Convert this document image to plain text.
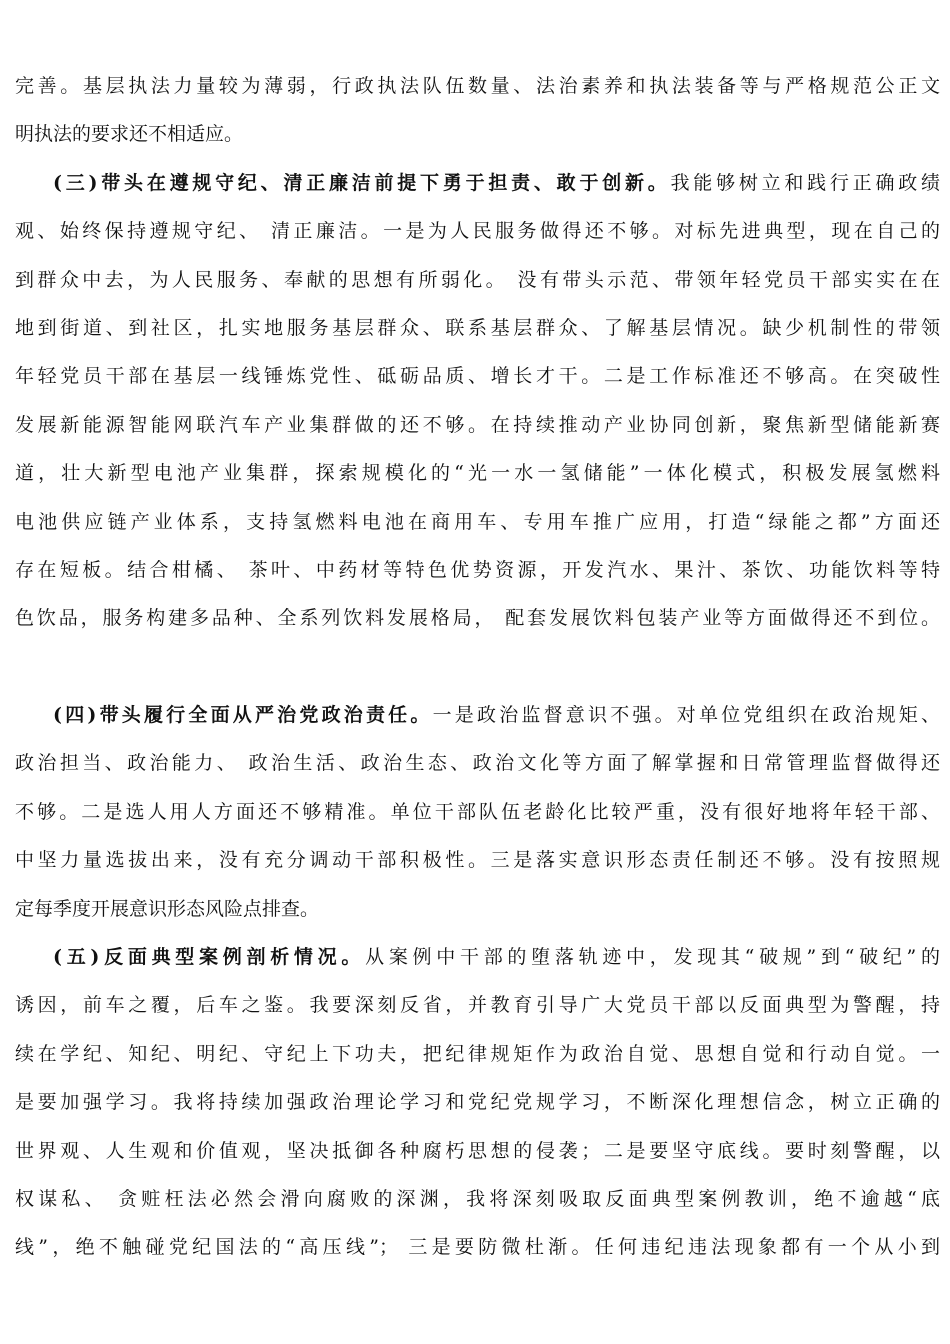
完善。基层执法力量较为薄弱，行政执法队伍数量、法治素养和执法装备等与严格规范公正文
明执法的要求还不相适应。
(三)带头在遵规守纪、清正廉洁前提下勇于担责、敢于创新。我能够树立和践行正确政绩
观、始终保持遵规守纪、 清正廉洁。一是为人民服务做得还不够。对标先进典型，现在自己的
到群众中去，为人民服务、奉献的思想有所弱化。 没有带头示范、带领年轻党员干部实实在在
地到街道、到社区，扎实地服务基层群众、联系基层群众、了解基层情况。缺少机制性的带领
年轻党员干部在基层一线锤炼党性、砥砺品质、增长才干。二是工作标准还不够高。在突破性
发展新能源智能网联汽车产业集群做的还不够。在持续推动产业协同创新，聚焦新型储能新赛
道，壮大新型电池产业集群，探索规模化的“光一水一氢储能”一体化模式，积极发展氢燃料
电池供应链产业体系，支持氢燃料电池在商用车、专用车推广应用，打造“绿能之都”方面还
存在短板。结合柑橘、 茶叶、中药材等特色优势资源，开发汽水、果汁、茶饮、功能饮料等特
色饮品，服务构建多品种、全系列饮料发展格局， 配套发展饮料包装产业等方面做得还不到位。
(四)带头履行全面从严治党政治责任。一是政治监督意识不强。对单位党组织在政治规矩、
政治担当、政治能力、 政治生活、政治生态、政治文化等方面了解掌握和日常管理监督做得还
不够。二是选人用人方面还不够精准。单位干部队伍老龄化比较严重，没有很好地将年轻干部、
中坚力量选拔出来，没有充分调动干部积极性。三是落实意识形态责任制还不够。没有按照规
定每季度开展意识形态风险点排查。
(五)反面典型案例剖析情况。从案例中干部的堕落轨迹中，发现其“破规”到“破纪”的
诱因，前车之覆，后车之鉴。我要深刻反省，并教育引导广大党员干部以反面典型为警醒，持
续在学纪、知纪、明纪、守纪上下功夫，把纪律规矩作为政治自觉、思想自觉和行动自觉。一
是要加强学习。我将持续加强政治理论学习和党纪党规学习，不断深化理想信念，树立正确的
世界观、人生观和价值观，坚决抵御各种腐朽思想的侵袭；二是要坚守底线。要时刻警醒，以
权谋私、 贪赃枉法必然会滑向腐败的深渊，我将深刻吸取反面典型案例教训，绝不逾越“底
线”，绝不触碰党纪国法的“高压线”； 三是要防微杜渐。任何违纪违法现象都有一个从小到
